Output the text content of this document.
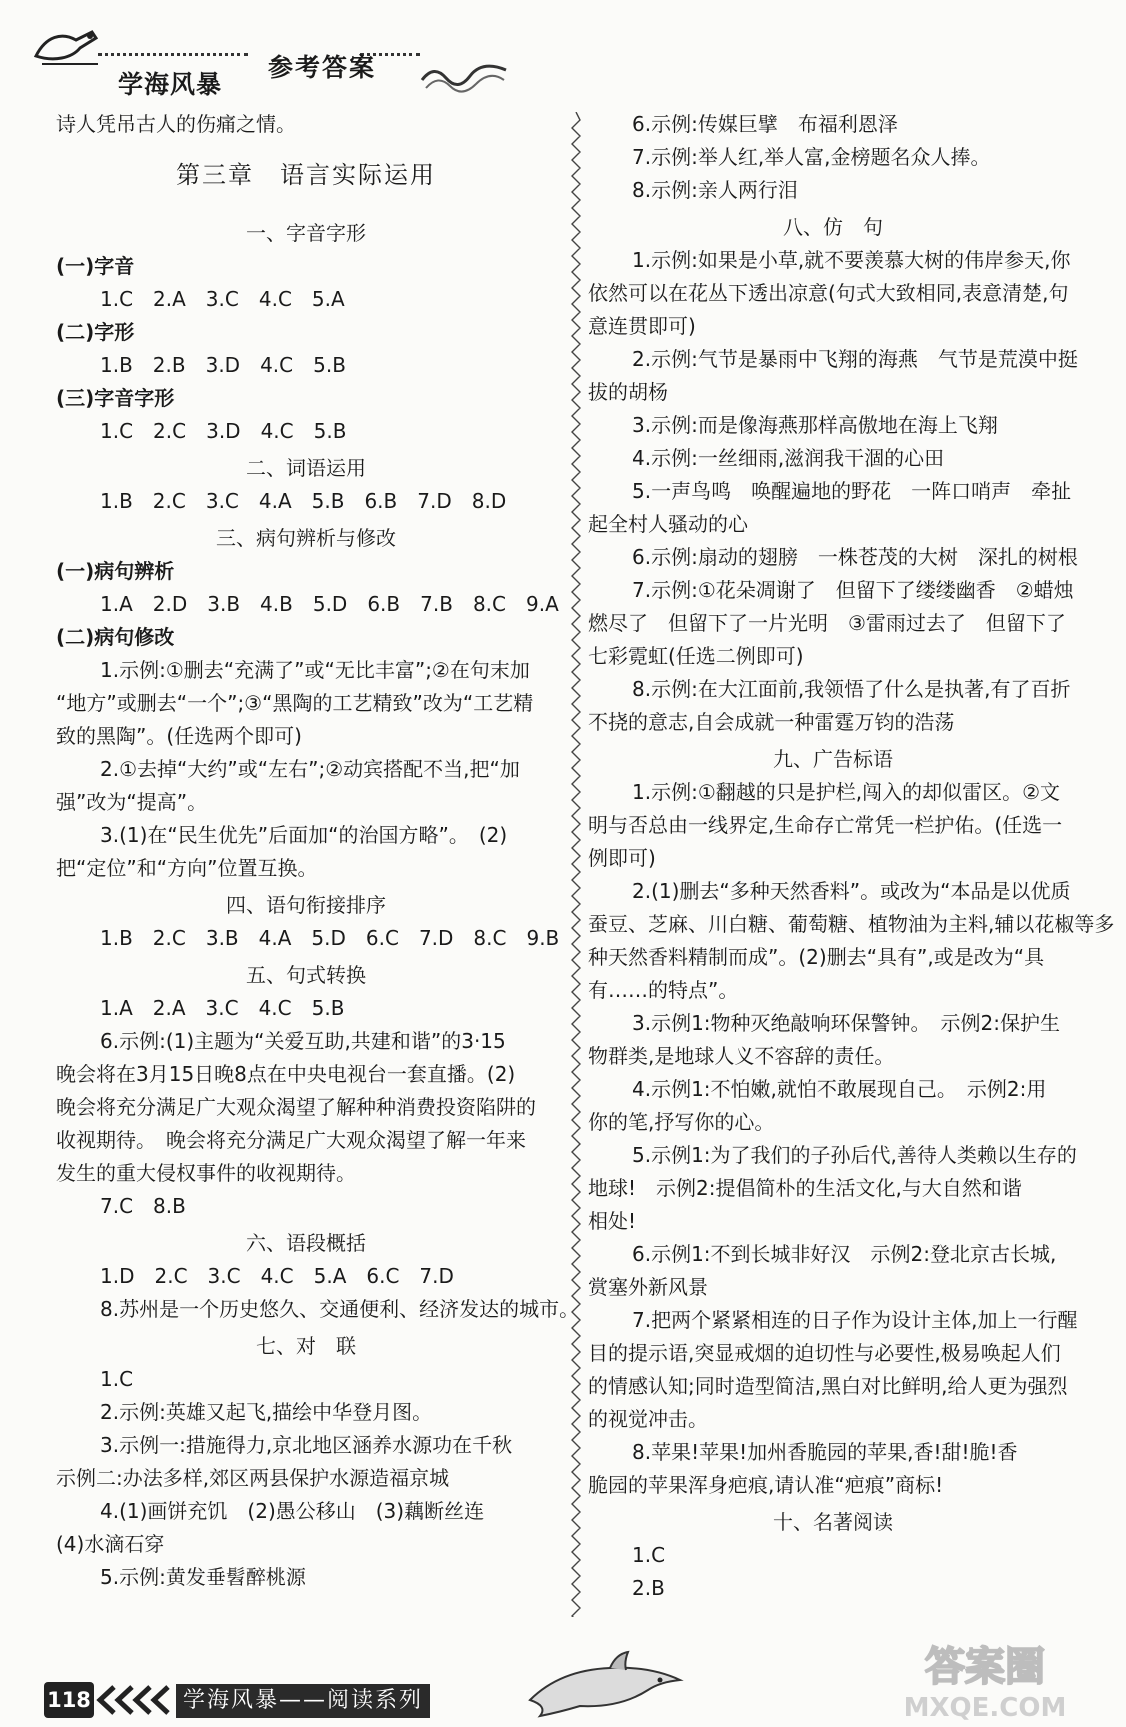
学海风暴
参考答案
诗人凭吊古人的伤痛之情。
第三章　语言实际运用
一、字音字形
(一)字音
1.C　2.A　3.C　4.C　5.A
(二)字形
1.B　2.B　3.D　4.C　5.B
(三)字音字形
1.C　2.C　3.D　4.C　5.B
二、词语运用
1.B　2.C　3.C　4.A　5.B　6.B　7.D　8.D
三、病句辨析与修改
(一)病句辨析
1.A　2.D　3.B　4.B　5.D　6.B　7.B　8.C　9.A
(二)病句修改
1.示例:①删去“充满了”或“无比丰富”;②在句末加
“地方”或删去“一个”;③“黑陶的工艺精致”改为“工艺精
致的黑陶”。(任选两个即可)
2.①去掉“大约”或“左右”;②动宾搭配不当,把“加
强”改为“提高”。
3.(1)在“民生优先”后面加“的治国方略”。　(2)
把“定位”和“方向”位置互换。
四、语句衔接排序
1.B　2.C　3.B　4.A　5.D　6.C　7.D　8.C　9.B
五、句式转换
1.A　2.A　3.C　4.C　5.B
6.示例:(1)主题为“关爱互助,共建和谐”的3·15
晚会将在3月15日晚8点在中央电视台一套直播。(2)
晚会将充分满足广大观众渴望了解种种消费投资陷阱的
收视期待。　晚会将充分满足广大观众渴望了解一年来
发生的重大侵权事件的收视期待。
7.C　8.B
六、语段概括
1.D　2.C　3.C　4.C　5.A　6.C　7.D
8.苏州是一个历史悠久、交通便利、经济发达的城市。
七、对　联
1.C
2.示例:英雄又起飞,描绘中华登月图。
3.示例一:措施得力,京北地区涵养水源功在千秋
示例二:办法多样,郊区两县保护水源造福京城
4.(1)画饼充饥　(2)愚公移山　(3)藕断丝连
(4)水滴石穿
5.示例:黄发垂髫醉桃源
6.示例:传媒巨擘　布福利恩泽
7.示例:举人红,举人富,金榜题名众人捧。
8.示例:亲人两行泪
八、仿　句
1.示例:如果是小草,就不要羡慕大树的伟岸参天,你
依然可以在花丛下透出凉意(句式大致相同,表意清楚,句
意连贯即可)
2.示例:气节是暴雨中飞翔的海燕　气节是荒漠中挺
拔的胡杨
3.示例:而是像海燕那样高傲地在海上飞翔
4.示例:一丝细雨,滋润我干涸的心田
5.一声鸟鸣　唤醒遍地的野花　一阵口哨声　牵扯
起全村人骚动的心
6.示例:扇动的翅膀　一株苍茂的大树　深扎的树根
7.示例:①花朵凋谢了　但留下了缕缕幽香　②蜡烛
燃尽了　但留下了一片光明　③雷雨过去了　但留下了
七彩霓虹(任选二例即可)
8.示例:在大江面前,我领悟了什么是执著,有了百折
不挠的意志,自会成就一种雷霆万钧的浩荡
九、广告标语
1.示例:①翻越的只是护栏,闯入的却似雷区。②文
明与否总由一线界定,生命存亡常凭一栏护佑。(任选一
例即可)
2.(1)删去“多种天然香料”。或改为“本品是以优质
蚕豆、芝麻、川白糖、葡萄糖、植物油为主料,辅以花椒等多
种天然香料精制而成”。(2)删去“具有”,或是改为“具
有……的特点”。
3.示例1:物种灭绝敲响环保警钟。　示例2:保护生
物群类,是地球人义不容辞的责任。
4.示例1:不怕嫩,就怕不敢展现自己。　示例2:用
你的笔,抒写你的心。
5.示例1:为了我们的子孙后代,善待人类赖以生存的
地球!　示例2:提倡简朴的生活文化,与大自然和谐
相处!
6.示例1:不到长城非好汉　示例2:登北京古长城,
赏塞外新风景
7.把两个紧紧相连的日子作为设计主体,加上一行醒
目的提示语,突显戒烟的迫切性与必要性,极易唤起人们
的情感认知;同时造型简洁,黑白对比鲜明,给人更为强烈
的视觉冲击。
8.苹果!苹果!加州香脆园的苹果,香!甜!脆!香
脆园的苹果浑身疤痕,请认准“疤痕”商标!
十、名著阅读
1.C
2.B
118	学海风暴——阅读系列
答案圈
MXQE.COM
